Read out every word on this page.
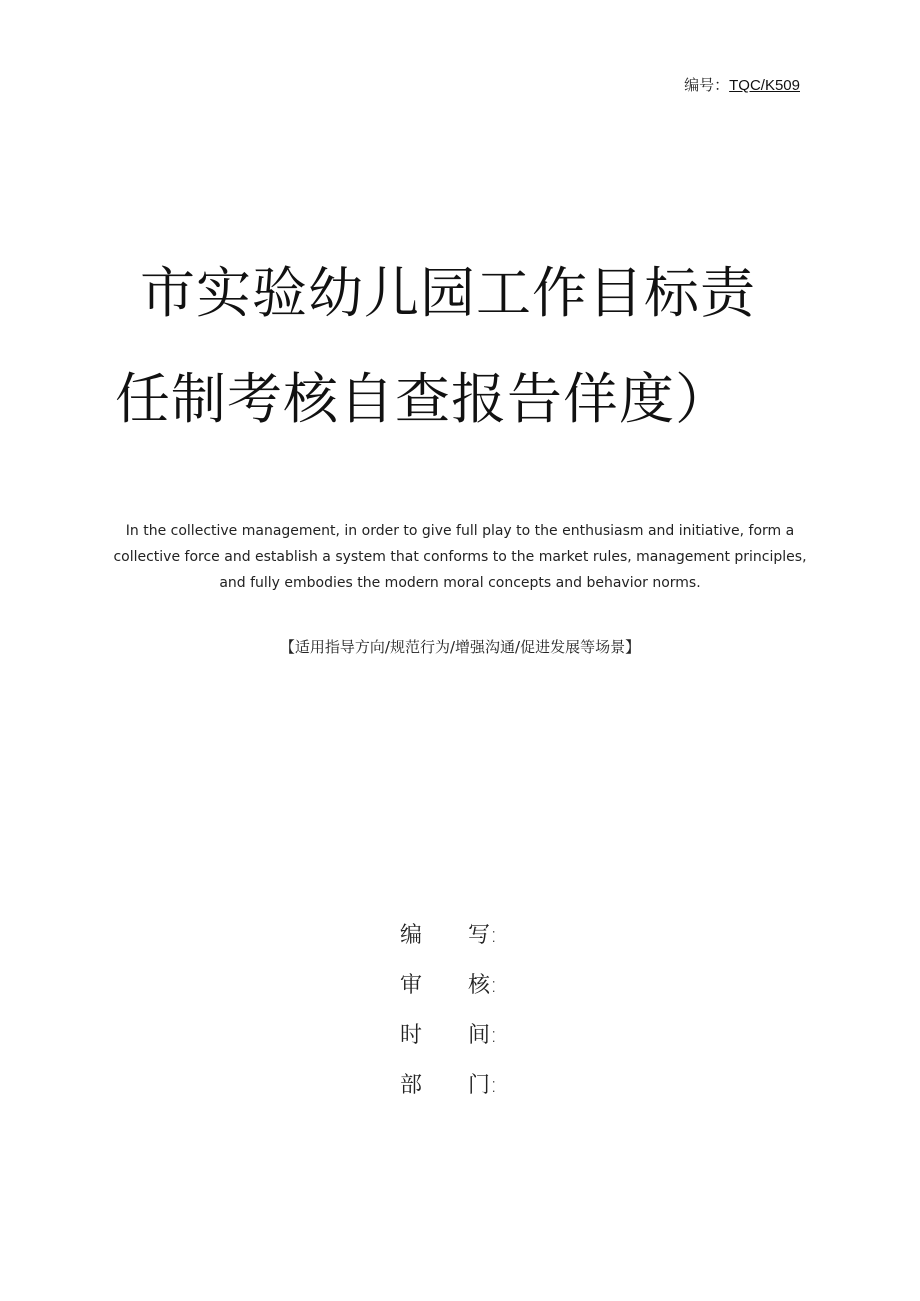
编号：TQC/K509
市实验幼儿园工作目标责
任制考核自查报告佯度）
In the collective management, in order to give full play to the enthusiasm and initiative, form a collective force and establish a system that conforms to the market rules, management principles, and fully embodies the modern moral concepts and behavior norms.
【适用指导方向/规范行为/增强沟通/促进发展等场景】
编	写:
审	核:
时	间:
部	门:
